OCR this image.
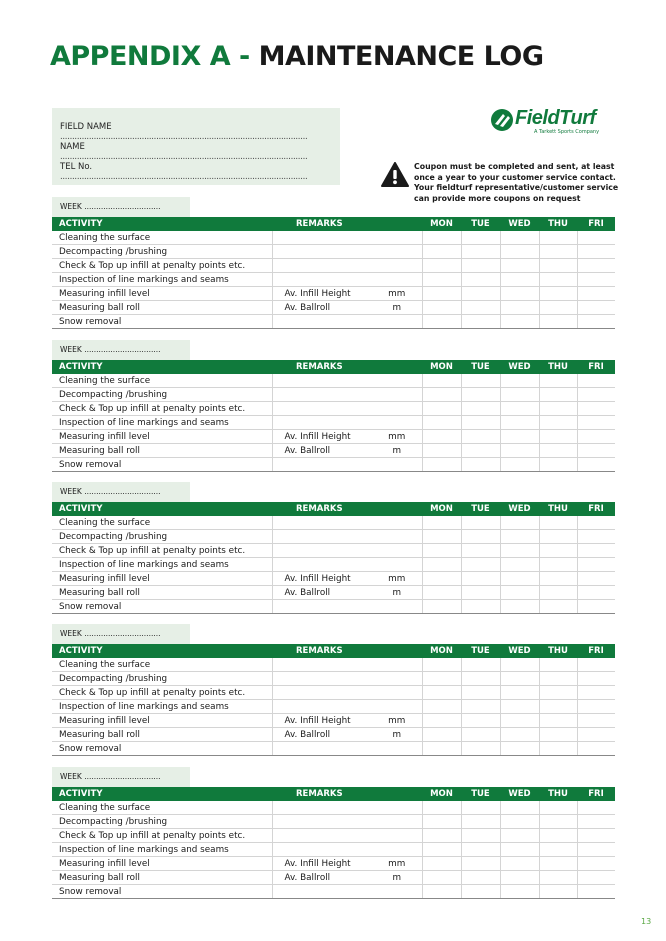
APPENDIX A - MAINTENANCE LOG
FIELD NAME.......................................................................................................
NAME.......................................................................................................
TEL No........................................................................................................
FieldTurf
A Tarkett Sports Company
Coupon must be completed and sent, at least
once a year to your customer service contact.
Your fieldturf representative/customer service
can provide more coupons on request
WEEK ................................
ACTIVITY	REMARKS		MON	TUE	WED	THU	FRI
Cleaning the surface							
Decompacting /brushing							
Check & Top up infill at penalty points etc.							
Inspection of line markings and seams							
Measuring infill level	Av. Infill Height	mm					
Measuring ball roll	Av. Ballroll	m					
Snow removal							
WEEK ................................
ACTIVITY	REMARKS		MON	TUE	WED	THU	FRI
Cleaning the surface							
Decompacting /brushing							
Check & Top up infill at penalty points etc.							
Inspection of line markings and seams							
Measuring infill level	Av. Infill Height	mm					
Measuring ball roll	Av. Ballroll	m					
Snow removal							
WEEK ................................
ACTIVITY	REMARKS		MON	TUE	WED	THU	FRI
Cleaning the surface							
Decompacting /brushing							
Check & Top up infill at penalty points etc.							
Inspection of line markings and seams							
Measuring infill level	Av. Infill Height	mm					
Measuring ball roll	Av. Ballroll	m					
Snow removal							
WEEK ................................
ACTIVITY	REMARKS		MON	TUE	WED	THU	FRI
Cleaning the surface							
Decompacting /brushing							
Check & Top up infill at penalty points etc.							
Inspection of line markings and seams							
Measuring infill level	Av. Infill Height	mm					
Measuring ball roll	Av. Ballroll	m					
Snow removal							
WEEK ................................
ACTIVITY	REMARKS		MON	TUE	WED	THU	FRI
Cleaning the surface							
Decompacting /brushing							
Check & Top up infill at penalty points etc.							
Inspection of line markings and seams							
Measuring infill level	Av. Infill Height	mm					
Measuring ball roll	Av. Ballroll	m					
Snow removal							
13
